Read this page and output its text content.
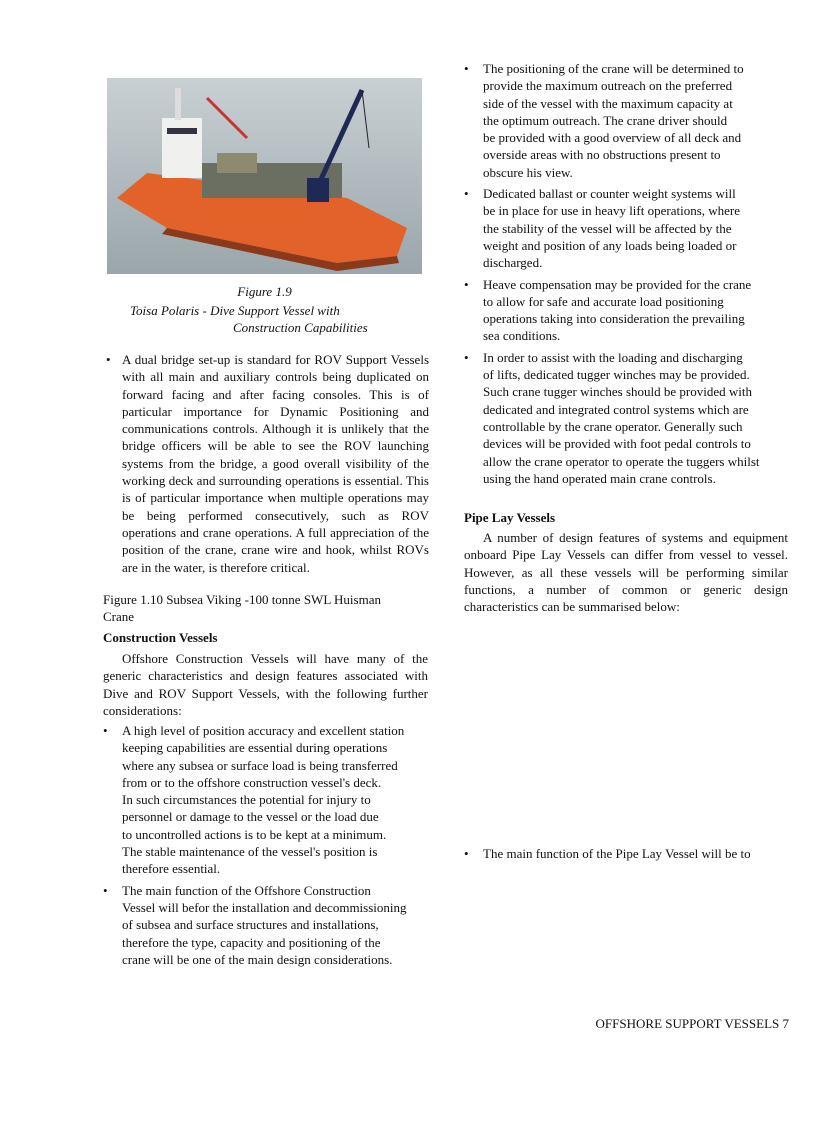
Figure 1.9
Toisa Polaris - Dive Support Vessel with
Construction Capabilities
• A dual bridge set-up is standard for ROV Support Vessels with all main and auxiliary controls being duplicated on forward facing and after facing consoles. This is of particular importance for Dynamic Positioning and communications controls. Although it is unlikely that the bridge officers will be able to see the ROV launching systems from the bridge, a good overall visibility of the working deck and surrounding operations is essential. This is of particular importance when multiple operations may be being performed consecutively, such as ROV operations and crane operations. A full appreciation of the position of the crane, crane wire and hook, whilst ROVs are in the water, is therefore critical.
Figure 1.10 Subsea Viking -100 tonne SWL Huisman
Crane
Construction Vessels
Offshore Construction Vessels will have many of the generic characteristics and design features associated with Dive and ROV Support Vessels, with the following further considerations:
• A high level of position accuracy and excellent station
keeping capabilities are essential during operations
where any subsea or surface load is being transferred
from or to the offshore construction vessel's deck.
In such circumstances the potential for injury to
personnel or damage to the vessel or the load due
to uncontrolled actions is to be kept at a minimum.
The stable maintenance of the vessel's position is
therefore essential.
• The main function of the Offshore Construction
Vessel will befor the installation and decommissioning
of subsea and surface structures and installations,
therefore the type, capacity and positioning of the
crane will be one of the main design considerations.
• The positioning of the crane will be determined to
provide the maximum outreach on the preferred
side of the vessel with the maximum capacity at
the optimum outreach. The crane driver should
be provided with a good overview of all deck and
overside areas with no obstructions present to
obscure his view.
• Dedicated ballast or counter weight systems will
be in place for use in heavy lift operations, where
the stability of the vessel will be affected by the
weight and position of any loads being loaded or
discharged.
• Heave compensation may be provided for the crane
to allow for safe and accurate load positioning
operations taking into consideration the prevailing
sea conditions.
• In order to assist with the loading and discharging
of lifts, dedicated tugger winches may be provided.
Such crane tugger winches should be provided with
dedicated and integrated control systems which are
controllable by the crane operator. Generally such
devices will be provided with foot pedal controls to
allow the crane operator to operate the tuggers whilst
using the hand operated main crane controls.
Pipe Lay Vessels
A number of design features of systems and equipment onboard Pipe Lay Vessels can differ from vessel to vessel. However, as all these vessels will be performing similar functions, a number of common or generic design characteristics can be summarised below:
• The main function of the Pipe Lay Vessel will be to
OFFSHORE SUPPORT VESSELS 7
